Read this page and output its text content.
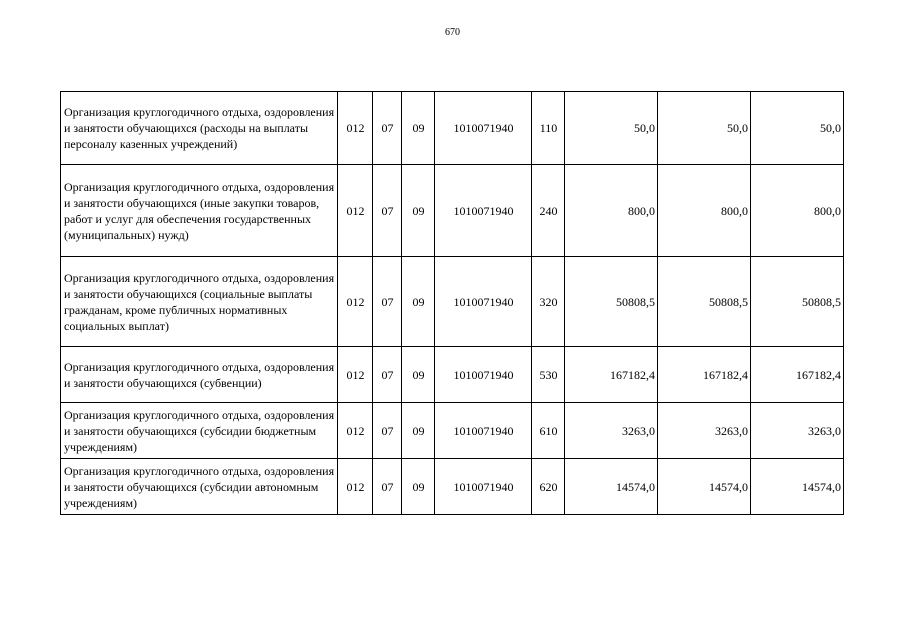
670
Организация круглогодичного отдыха, оздоровления и занятости обучающихся (расходы на выплаты персоналу казенных учреждений)	012	07	09	1010071940	110	50,0	50,0	50,0
Организация круглогодичного отдыха, оздоровления и занятости обучающихся (иные закупки товаров, работ и услуг для обеспечения государственных (муниципальных) нужд)	012	07	09	1010071940	240	800,0	800,0	800,0
Организация круглогодичного отдыха, оздоровления и занятости обучающихся (социальные выплаты гражданам, кроме публичных нормативных социальных выплат)	012	07	09	1010071940	320	50808,5	50808,5	50808,5
Организация круглогодичного отдыха, оздоровления и занятости обучающихся (субвенции)	012	07	09	1010071940	530	167182,4	167182,4	167182,4
Организация круглогодичного отдыха, оздоровления и занятости обучающихся (субсидии бюджетным учреждениям)	012	07	09	1010071940	610	3263,0	3263,0	3263,0
Организация круглогодичного отдыха, оздоровления и занятости обучающихся (субсидии автономным учреждениям)	012	07	09	1010071940	620	14574,0	14574,0	14574,0
